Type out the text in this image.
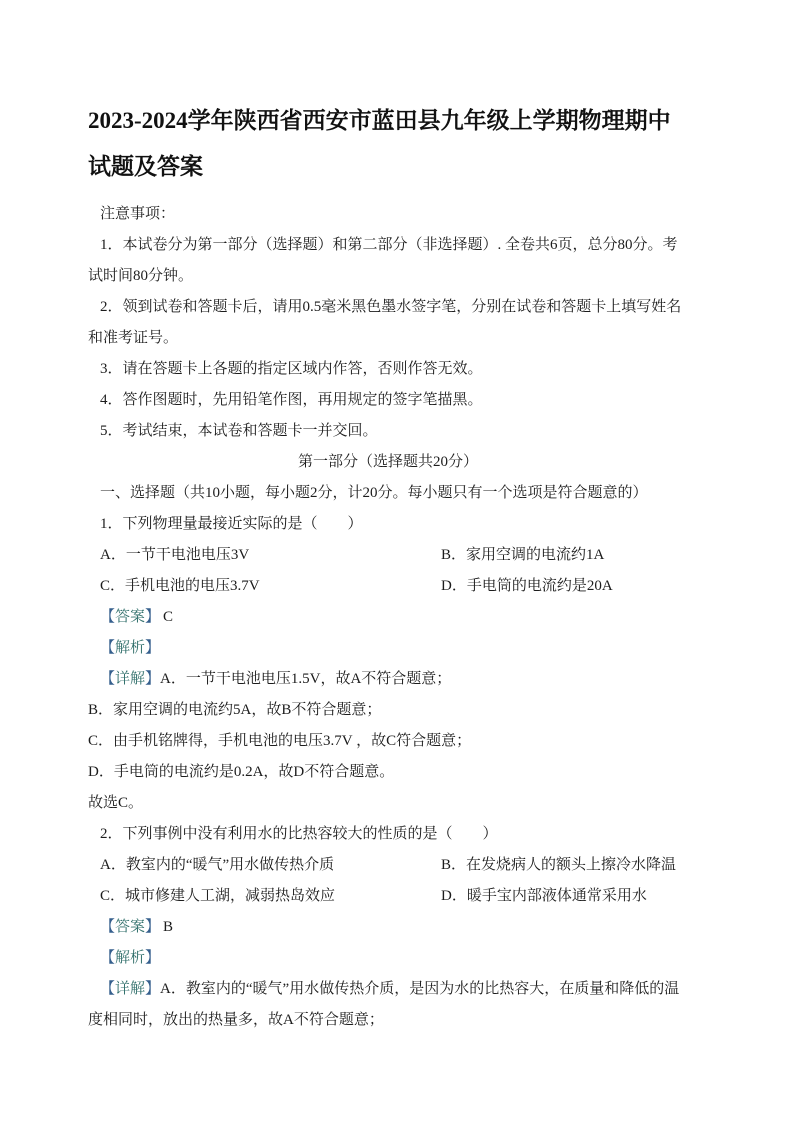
2023-2024学年陕西省西安市蓝田县九年级上学期物理期中试题及答案

注意事项：

1．本试卷分为第一部分（选择题）和第二部分（非选择题）. 全卷共6页，总分80分。考试时间80分钟。

2．领到试卷和答题卡后，请用0.5毫米黑色墨水签字笔，分别在试卷和答题卡上填写姓名和准考证号。

3．请在答题卡上各题的指定区域内作答，否则作答无效。

4．答作图题时，先用铅笔作图，再用规定的签字笔描黑。

5．考试结束，本试卷和答题卡一并交回。

第一部分（选择题共20分）

一、选择题（共10小题，每小题2分，计20分。每小题只有一个选项是符合题意的）

1．下列物理量最接近实际的是（　　）

A．一节干电池电压3V	B．家用空调的电流约1A
C．手机电池的电压3.7V	D．手电筒的电流约是20A

【答案】 C

【解析】

【详解】A．一节干电池电压1.5V，故A不符合题意；

B．家用空调的电流约5A，故B不符合题意；

C．由手机铭牌得，手机电池的电压3.7V ，故C符合题意；

D．手电筒的电流约是0.2A，故D不符合题意。

故选C。

2．下列事例中没有利用水的比热容较大的性质的是（　　）

A．教室内的“暖气”用水做传热介质	B．在发烧病人的额头上擦冷水降温
C．城市修建人工湖，减弱热岛效应	D．暖手宝内部液体通常采用水

【答案】 B

【解析】

【详解】A．教室内的“暖气”用水做传热介质，是因为水的比热容大，在质量和降低的温度相同时，放出的热量多，故A不符合题意；
